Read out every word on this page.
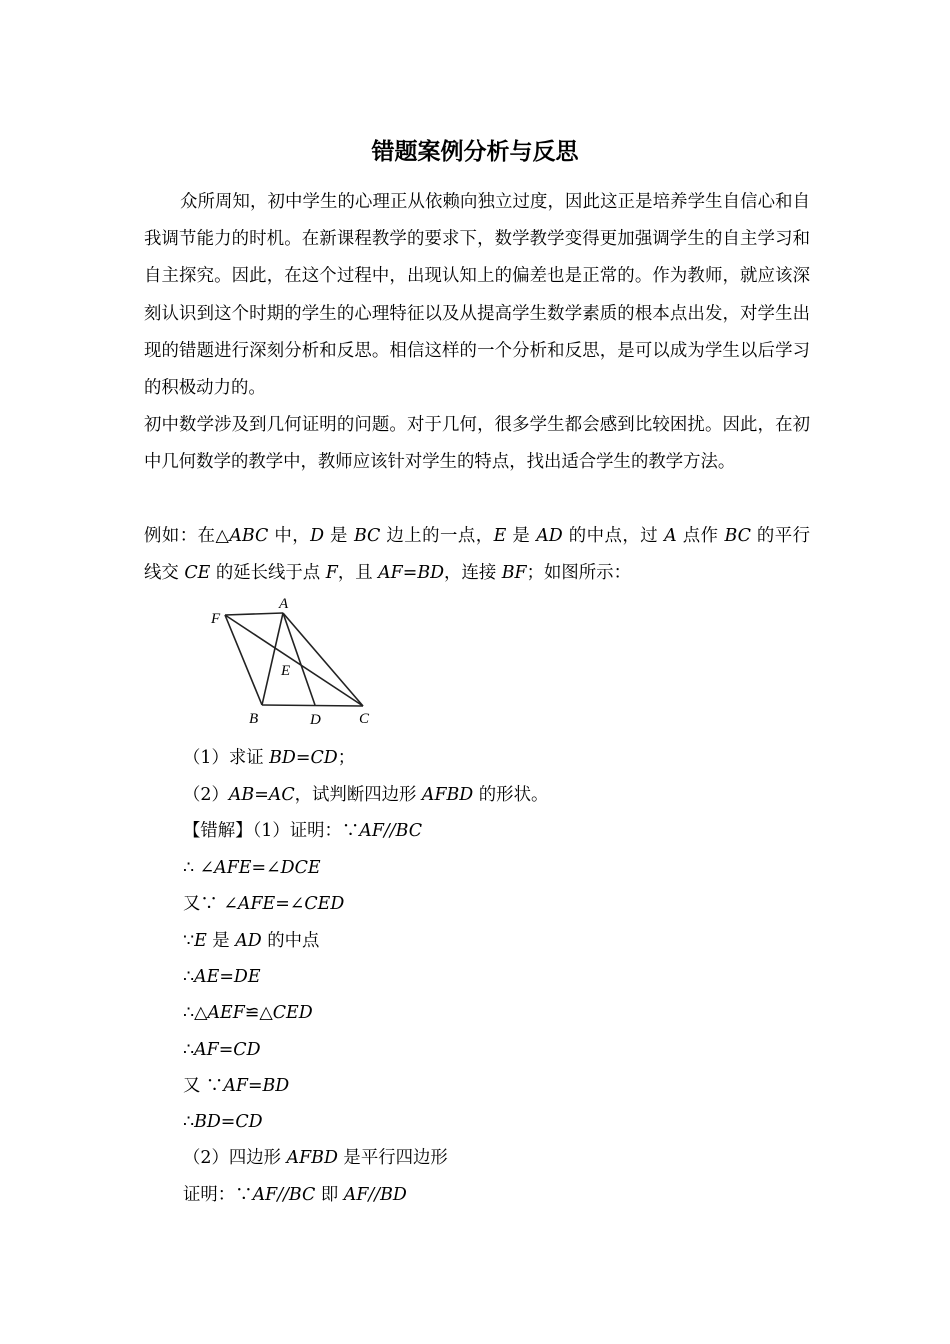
错题案例分析与反思
众所周知，初中学生的心理正从依赖向独立过度，因此这正是培养学生自信心和自我调节能力的时机。在新课程教学的要求下，数学教学变得更加强调学生的自主学习和自主探究。因此，在这个过程中，出现认知上的偏差也是正常的。作为教师，就应该深刻认识到这个时期的学生的心理特征以及从提高学生数学素质的根本点出发，对学生出现的错题进行深刻分析和反思。相信这样的一个分析和反思，是可以成为学生以后学习的积极动力的。
初中数学涉及到几何证明的问题。对于几何，很多学生都会感到比较困扰。因此，在初中几何数学的教学中，教师应该针对学生的特点，找出适合学生的教学方法。
例如：在△ABC 中，D 是 BC 边上的一点，E 是 AD 的中点，过 A 点作 BC 的平行线交 CE 的延长线于点 F，且 AF=BD，连接 BF；如图所示：
F
A
E
B	D	C
（1）求证 BD=CD；
（2）AB=AC，试判断四边形 AFBD 的形状。
【错解】（1）证明：∵AF//BC
∴ ∠AFE=∠DCE
又∵ ∠AFE=∠CED
∵E 是 AD 的中点
∴AE=DE
∴△AEF≌△CED
∴AF=CD
又 ∵AF=BD
∴BD=CD
（2）四边形 AFBD 是平行四边形
证明：∵AF//BC 即 AF//BD
